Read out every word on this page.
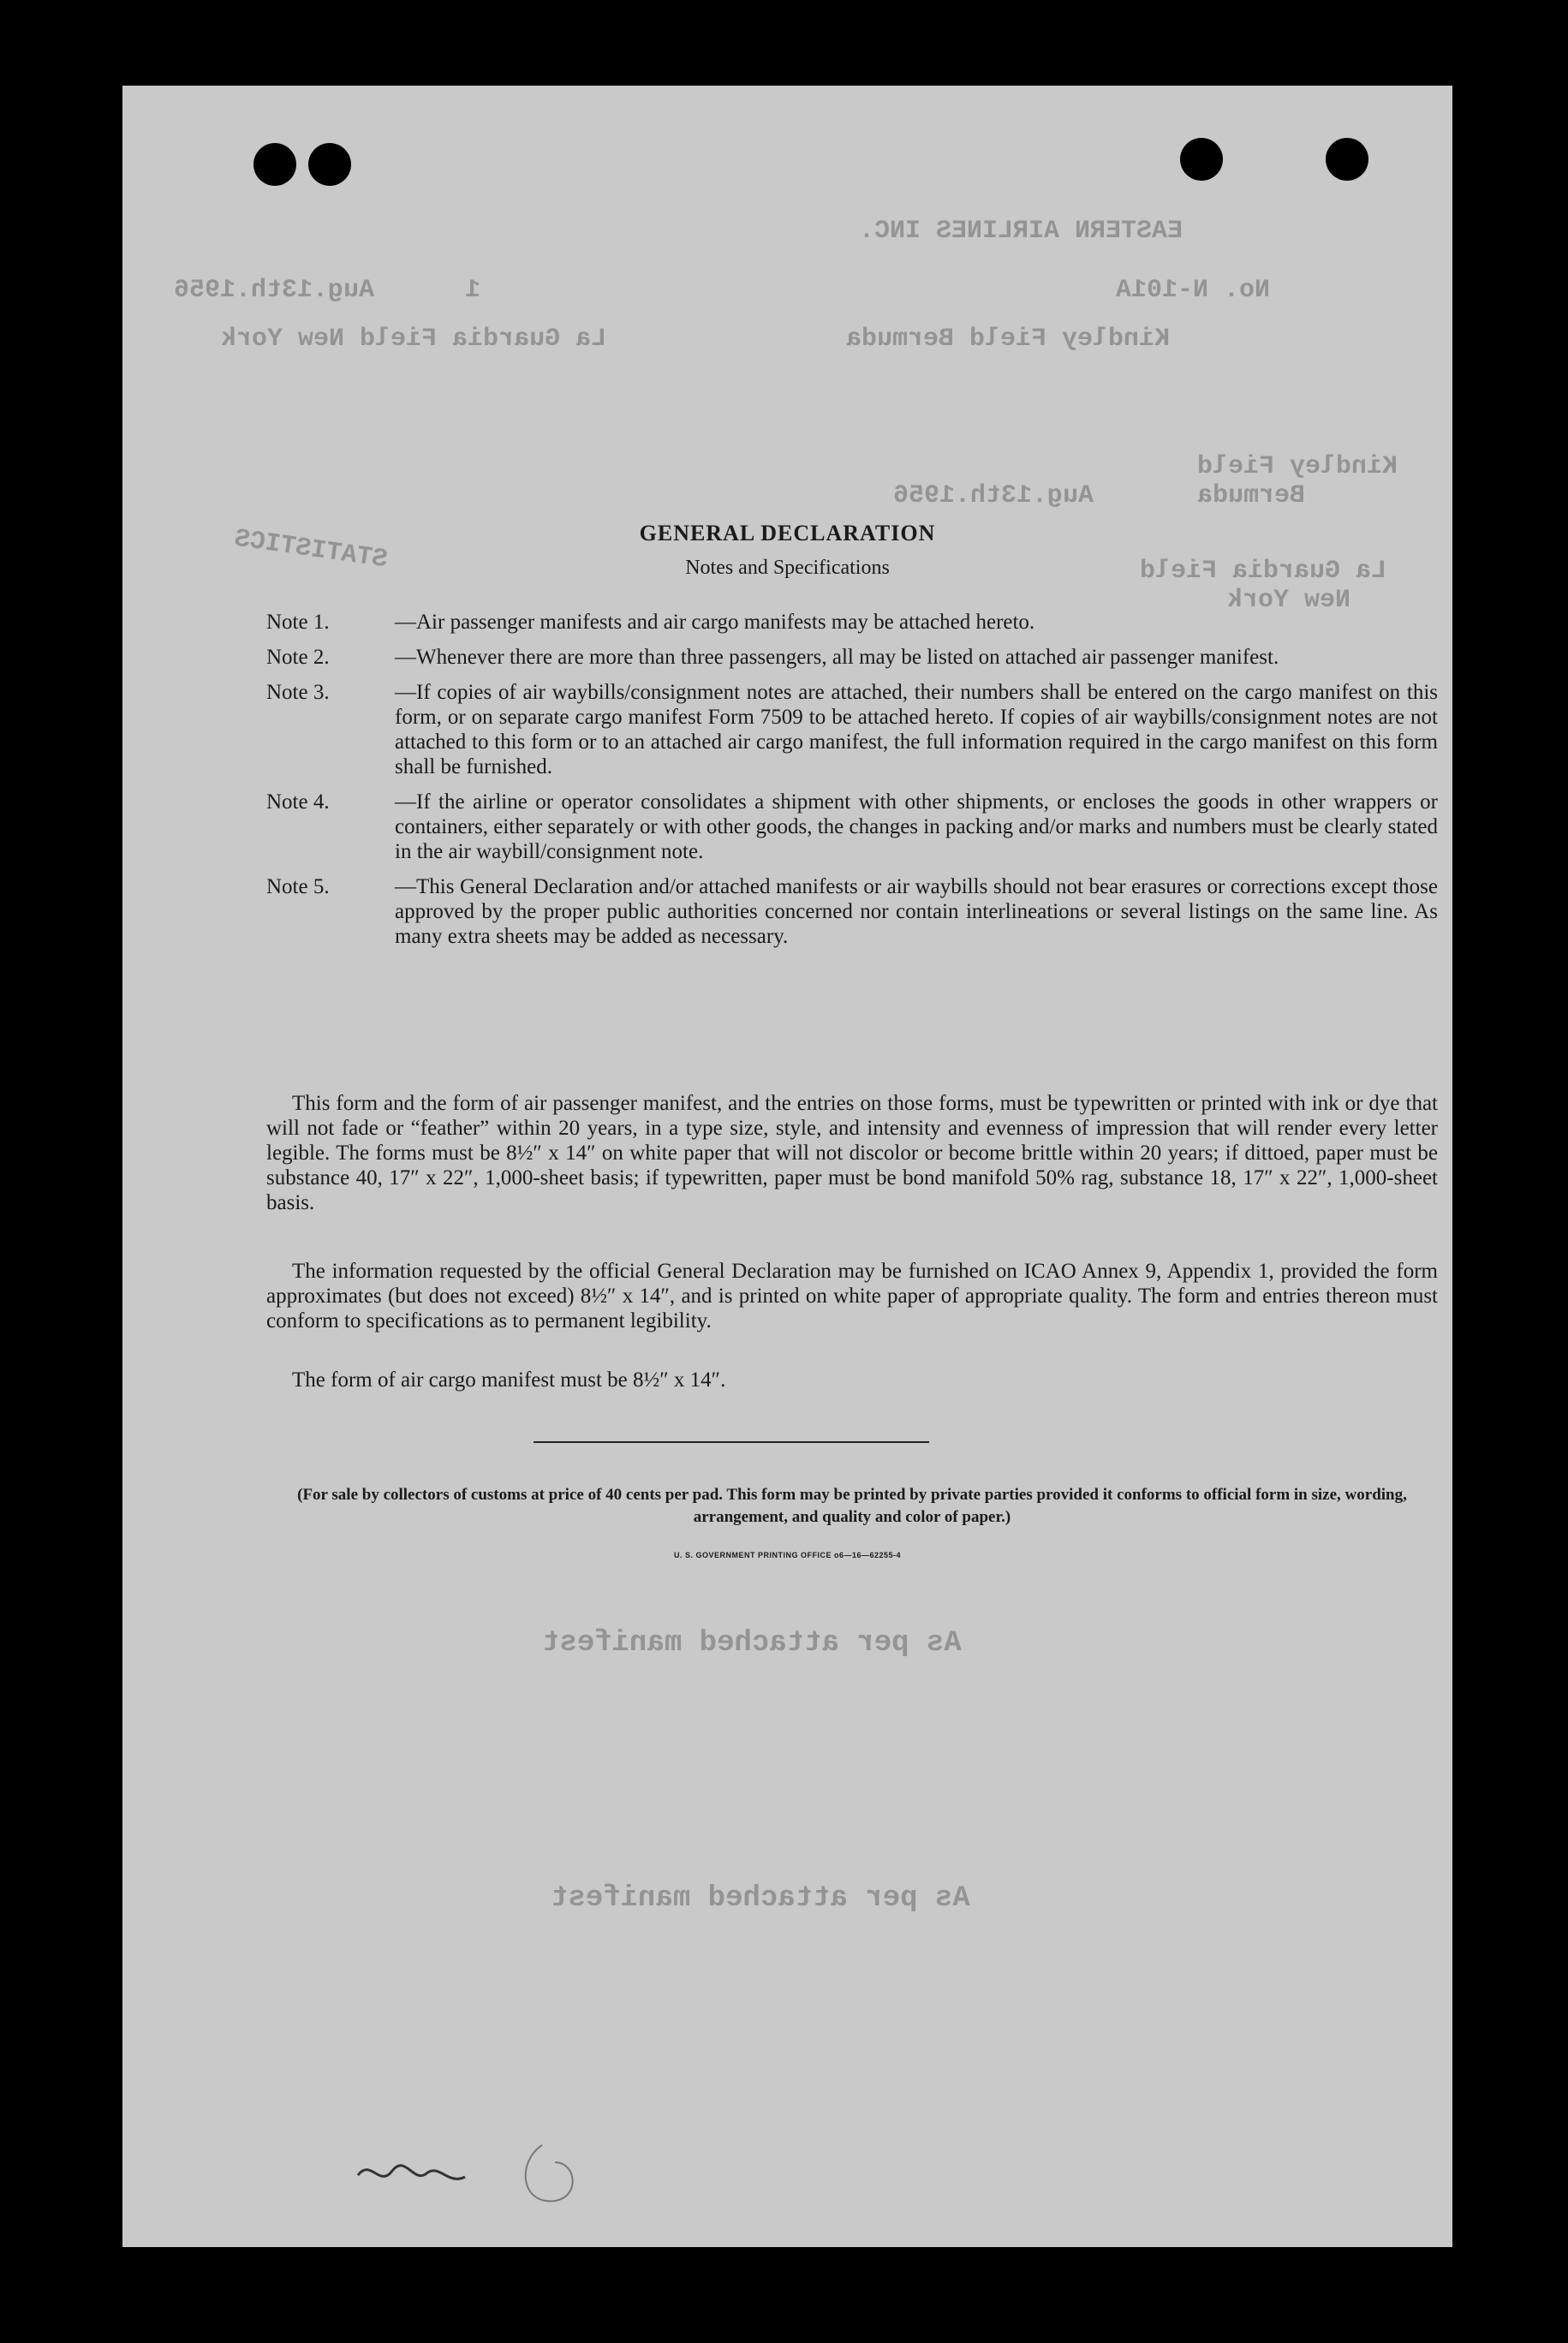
EASTERN AIRLINES INC.
No. N-101A
1
Aug.13th.1956
Kindley Field Bermuda
La Guardia Field New York
Kindley Field
Bermuda
Aug.13th.1956
La Guardia Field
New York
STATISTICS
As per attached manifest
As per attached manifest
GENERAL DECLARATION
Notes and Specifications
Note 1.	—Air passenger manifests and air cargo manifests may be attached hereto.
Note 2.	—Whenever there are more than three passengers, all may be listed on attached air passenger manifest.
Note 3.	—If copies of air waybills/consignment notes are attached, their numbers shall be entered on the cargo manifest on this form, or on separate cargo manifest Form 7509 to be attached hereto. If copies of air waybills/consignment notes are not attached to this form or to an attached air cargo manifest, the full information required in the cargo manifest on this form shall be furnished.
Note 4.	—If the airline or operator consolidates a shipment with other shipments, or encloses the goods in other wrappers or containers, either separately or with other goods, the changes in packing and/or marks and numbers must be clearly stated in the air waybill/consignment note.
Note 5.	—This General Declaration and/or attached manifests or air waybills should not bear erasures or corrections except those approved by the proper public authorities concerned nor contain interlineations or several listings on the same line. As many extra sheets may be added as necessary.
This form and the form of air passenger manifest, and the entries on those forms, must be typewritten or printed with ink or dye that will not fade or “feather” within 20 years, in a type size, style, and intensity and evenness of impression that will render every letter legible. The forms must be 8½″ x 14″ on white paper that will not discolor or become brittle within 20 years; if dittoed, paper must be substance 40, 17″ x 22″, 1,000-sheet basis; if typewritten, paper must be bond manifold 50% rag, substance 18, 17″ x 22″, 1,000-sheet basis.
The information requested by the official General Declaration may be furnished on ICAO Annex 9, Appendix 1, provided the form approximates (but does not exceed) 8½″ x 14″, and is printed on white paper of appropriate quality. The form and entries thereon must conform to specifications as to permanent legibility.
The form of air cargo manifest must be 8½″ x 14″.
(For sale by collectors of customs at price of 40 cents per pad. This form may be printed by private parties provided it conforms to official form in size, wording, arrangement, and quality and color of paper.)
U. S. GOVERNMENT PRINTING OFFICE o6—16—62255-4
